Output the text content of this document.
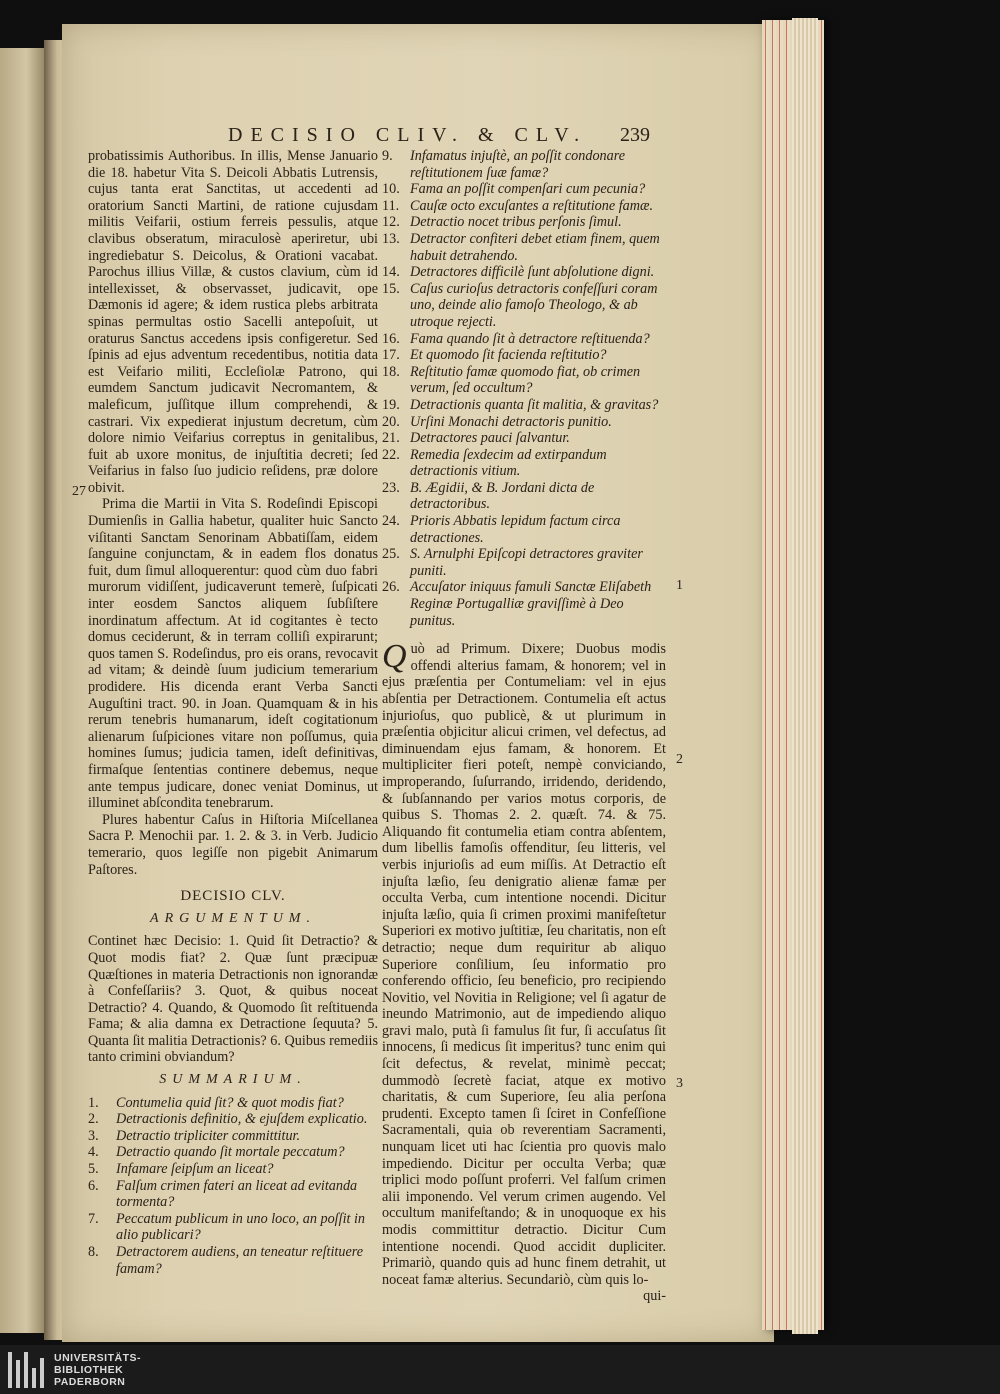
DECISIO CLIV. & CLV. 239
27

probatissimis Authoribus. In illis, Mense Januario die 18. habetur Vita S. Deicoli Abbatis Lutrensis, cujus tanta erat Sanctitas, ut accedenti ad oratorium Sancti Martini, de ratione cujusdam militis Veifarii, ostium ferreis pessulis, atque clavibus obseratum, miraculosè aperiretur, ubi ingrediebatur S. Deicolus, & Orationi vacabat. Parochus illius Villæ, & custos clavium, cùm id intellexisset, & observasset, judicavit, ope Dæmonis id agere; & idem rustica plebs arbitrata spinas permultas ostio Sacelli antepoſuit, ut oraturus Sanctus accedens ipsis configeretur. Sed ſpinis ad ejus adventum recedentibus, notitia data est Veifario militi, Eccleſiolæ Patrono, qui eumdem Sanctum judicavit Necromantem, & maleficum, juſſitque illum comprehendi, & castrari. Vix expedierat injustum decretum, cùm dolore nimio Veifarius correptus in genitalibus, fuit ab uxore monitus, de injuſtitia decreti; ſed Veifarius in falso ſuo judicio reſidens, præ dolore obivit.

Prima die Martii in Vita S. Rodeſindi Episcopi Dumienſis in Gallia habetur, qualiter huic Sancto viſitanti Sanctam Senorinam Abbatiſſam, eidem ſanguine conjunctam, & in eadem flos donatus fuit, dum ſimul alloquerentur: quod cùm duo fabri murorum vidiſſent, judicaverunt temerè, ſuſpicati inter eosdem Sanctos aliquem ſubſiſtere inordinatum affectum. At id cogitantes è tecto domus ceciderunt, & in terram colliſi expirarunt; quos tamen S. Rodeſindus, pro eis orans, revocavit ad vitam; & deindè ſuum judicium temerarium prodidere. His dicenda erant Verba Sancti Auguſtini tract. 90. in Joan. Quamquam & in his rerum tenebris humanarum, ideſt cogitationum alienarum ſuſpiciones vitare non poſſumus, quia homines ſumus; judicia tamen, ideſt definitivas, firmaſque ſententias continere debemus, neque ante tempus judicare, donec veniat Dominus, ut illuminet abſcondita tenebrarum.

Plures habentur Caſus in Hiſtoria Miſcellanea Sacra P. Menochii par. 1. 2. & 3. in Verb. Judicio temerario, quos legiſſe non pigebit Animarum Paſtores.

DECISIO CLV.
ARGUMENTUM.

Continet hæc Decisio: 1. Quid ſit Detractio? & Quot modis fiat? 2. Quæ ſunt præcipuæ Quæſtiones in materia Detractionis non ignorandæ à Confeſſariis? 3. Quot, & quibus noceat Detractio? 4. Quando, & Quomodo ſit reſtituenda Fama; & alia damna ex Detractione ſequuta? 5. Quanta ſit malitia Detractionis? 6. Quibus remediis tanto crimini obviandum?

SUMMARIUM.
1.	Contumelia quid ſit? & quot modis fiat?
2.	Detractionis definitio, & ejuſdem explicatio.
3.	Detractio tripliciter committitur.
4.	Detractio quando ſit mortale peccatum?
5.	Infamare ſeipſum an liceat?
6.	Falſum crimen fateri an liceat ad evitanda tormenta?
7.	Peccatum publicum in uno loco, an poſſit in alio publicari?
8.	Detractorem audiens, an teneatur reſtituere famam?
1
2
3
9.	Infamatus injuſtè, an poſſit condonare reſtitutionem ſuæ famæ?
10. Fama an poſſit compenſari cum pecunia?
11. Cauſæ octo excuſantes a reſtitutione famæ.
12. Detractio nocet tribus perſonis ſimul.
13. Detractor confiteri debet etiam finem, quem habuit detrahendo.
14. Detractores difficilè ſunt abſolutione digni.
15. Caſus curioſus detractoris confeſſuri coram uno, deinde alio famoſo Theologo, & ab utroque rejecti.
16. Fama quando ſit à detractore reſtituenda?
17. Et quomodo ſit facienda reſtitutio?
18. Reſtitutio famæ quomodo fiat, ob crimen verum, ſed occultum?
19. Detractionis quanta ſit malitia, & gravitas?
20. Urſini Monachi detractoris punitio.
21. Detractores pauci ſalvantur.
22. Remedia ſexdecim ad extirpandum detractionis vitium.
23. B. Ægidii, & B. Jordani dicta de detractoribus.
24. Prioris Abbatis lepidum factum circa detractiones.
25. S. Arnulphi Epiſcopi detractores graviter puniti.
26. Accuſator iniquus famuli Sanctæ Eliſabeth Reginæ Portugalliæ graviſſimè à Deo punitus.

Quò ad Primum. Dixere; Duobus modis offendi alterius famam, & honorem; vel in ejus præſentia per Contumeliam: vel in ejus abſentia per Detractionem. Contumelia eſt actus injurioſus, quo publicè, & ut plurimum in præſentia objicitur alicui crimen, vel defectus, ad diminuendam ejus famam, & honorem. Et multipliciter fieri poteſt, nempè conviciando, improperando, ſuſurrando, irridendo, deridendo, & ſubſannando per varios motus corporis, de quibus S. Thomas 2. 2. quæſt. 74. & 75. Aliquando fit contumelia etiam contra abſentem, dum libellis famoſis offenditur, ſeu litteris, vel verbis injurioſis ad eum miſſis. At Detractio eſt injuſta læſio, ſeu denigratio alienæ famæ per occulta Verba, cum intentione nocendi. Dicitur injuſta læſio, quia ſi crimen proximi manifeſtetur Superiori ex motivo juſtitiæ, ſeu charitatis, non eſt detractio; neque dum requiritur ab aliquo Superiore conſilium, ſeu informatio pro conferendo officio, ſeu beneficio, pro recipiendo Novitio, vel Novitia in Religione; vel ſi agatur de ineundo Matrimonio, aut de impediendo aliquo gravi malo, putà ſi famulus ſit fur, ſi accuſatus ſit innocens, ſi medicus ſit imperitus? tunc enim qui ſcit defectus, & revelat, minimè peccat; dummodò ſecretè faciat, atque ex motivo charitatis, & cum Superiore, ſeu alia perſona prudenti. Excepto tamen ſi ſciret in Confeſſione Sacramentali, quia ob reverentiam Sacramenti, nunquam licet uti hac ſcientia pro quovis malo impediendo. Dicitur per occulta Verba; quæ triplici modo poſſunt proferri. Vel falſum crimen alii imponendo. Vel verum crimen augendo. Vel occultum manifeſtando; & in unoquoque ex his modis committitur detractio. Dicitur Cum intentione nocendi. Quod accidit dupliciter. Primariò, quando quis ad hunc finem detrahit, ut noceat famæ alterius. Secundariò, cùm quis lo-

qui-

UNIVERSITÄTS-
BIBLIOTHEK
PADERBORN
